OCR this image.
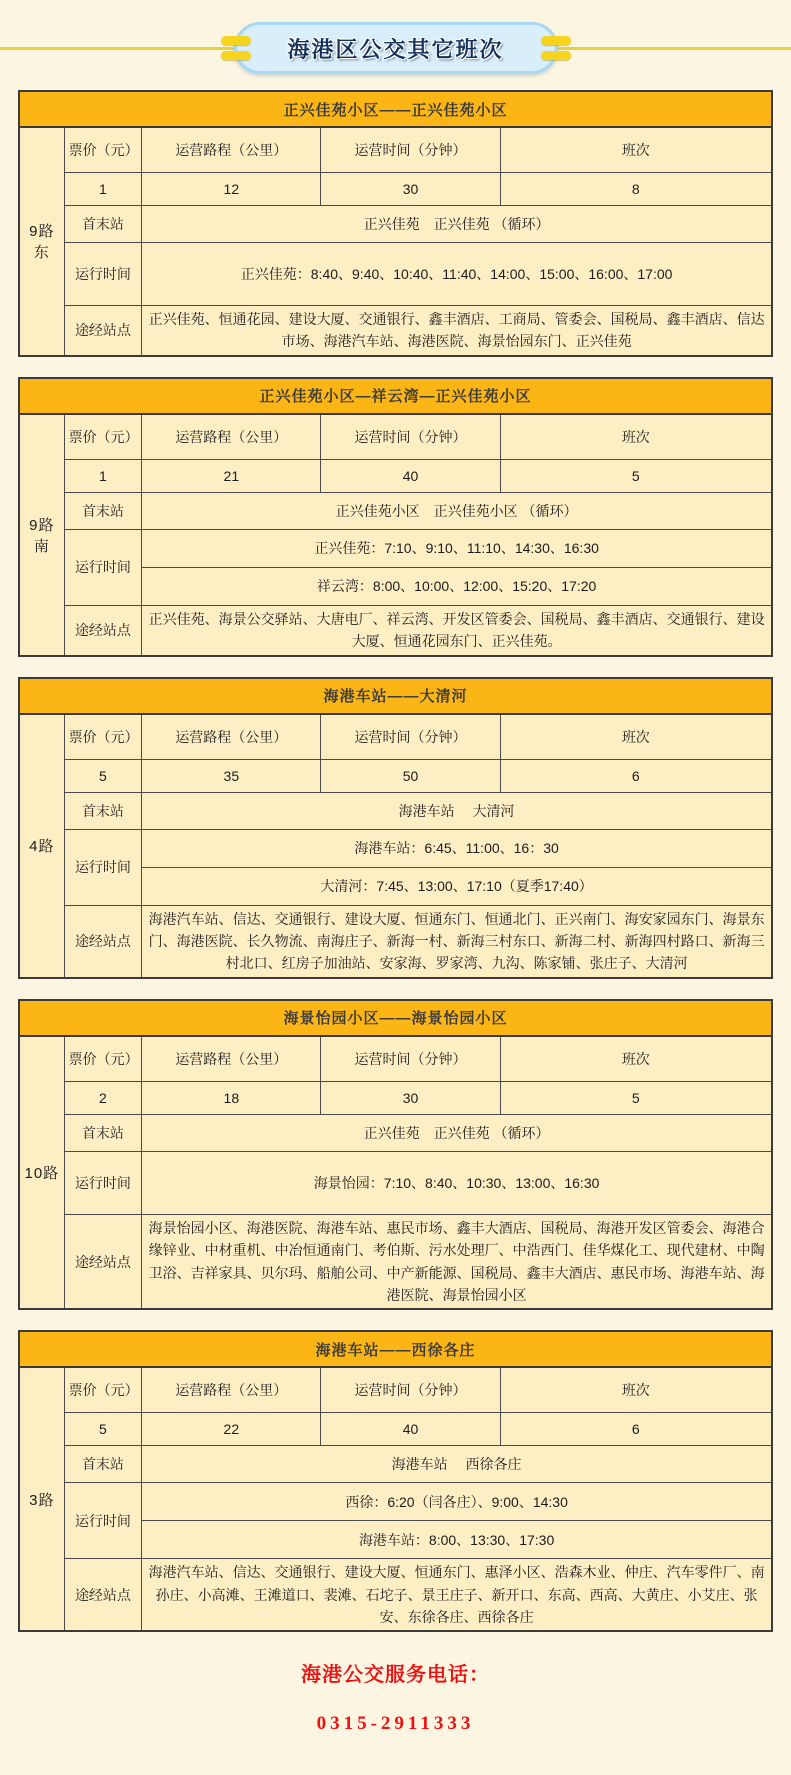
海港区公交其它班次
正兴佳苑小区——正兴佳苑小区				
9路东	票价（元）	运营路程（公里）	运营时间（分钟）	班次
	1	12	30	8
	首末站	正兴佳苑　正兴佳苑 （循环）		
	运行时间	正兴佳苑：8:40、9:40、10:40、11:40、14:00、15:00、16:00、17:00		
	途经站点	正兴佳苑、恒通花园、建设大厦、交通银行、鑫丰酒店、工商局、管委会、国税局、鑫丰酒店、信达市场、海港汽车站、海港医院、海景怡园东门、正兴佳苑		
正兴佳苑小区—祥云湾—正兴佳苑小区				
9路南	票价（元）	运营路程（公里）	运营时间（分钟）	班次
	1	21	40	5
	首末站	正兴佳苑小区　正兴佳苑小区 （循环）		
	运行时间	正兴佳苑：7:10、9:10、11:10、14:30、16:30		
		祥云湾：8:00、10:00、12:00、15:20、17:20		
	途经站点	正兴佳苑、海景公交驿站、大唐电厂、祥云湾、开发区管委会、国税局、鑫丰酒店、交通银行、建设大厦、恒通花园东门、正兴佳苑。		
海港车站——大清河				
4路	票价（元）	运营路程（公里）	运营时间（分钟）	班次
	5	35	50	6
	首末站	海港车站　 大清河		
	运行时间	海港车站：6:45、11:00、16：30		
		大清河：7:45、13:00、17:10（夏季17:40）		
	途经站点	海港汽车站、信达、交通银行、建设大厦、恒通东门、恒通北门、正兴南门、海安家园东门、海景东门、海港医院、长久物流、南海庄子、新海一村、新海三村东口、新海二村、新海四村路口、新海三村北口、红房子加油站、安家海、罗家湾、九沟、陈家铺、张庄子、大清河		
海景怡园小区——海景怡园小区				
10路	票价（元）	运营路程（公里）	运营时间（分钟）	班次
	2	18	30	5
	首末站	正兴佳苑　正兴佳苑 （循环）		
	运行时间	海景怡园：7:10、8:40、10:30、13:00、16:30		
	途经站点	海景怡园小区、海港医院、海港车站、惠民市场、鑫丰大酒店、国税局、海港开发区管委会、海港合缘锌业、中材重机、中冶恒通南门、考伯斯、污水处理厂、中浩西门、佳华煤化工、现代建材、中陶卫浴、吉祥家具、贝尔玛、船舶公司、中产新能源、国税局、鑫丰大酒店、惠民市场、海港车站、海港医院、海景怡园小区		
海港车站——西徐各庄				
3路	票价（元）	运营路程（公里）	运营时间（分钟）	班次
	5	22	40	6
	首末站	海港车站　 西徐各庄		
	运行时间	西徐：6:20（闫各庄）、9:00、14:30		
		海港车站：8:00、13:30、17:30		
	途经站点	海港汽车站、信达、交通银行、建设大厦、恒通东门、惠泽小区、浩森木业、仲庄、汽车零件厂、南孙庄、小高滩、王滩道口、裴滩、石坨子、景王庄子、新开口、东高、西高、大黄庄、小艾庄、张安、东徐各庄、西徐各庄		
海港公交服务电话：
0315-2911333
